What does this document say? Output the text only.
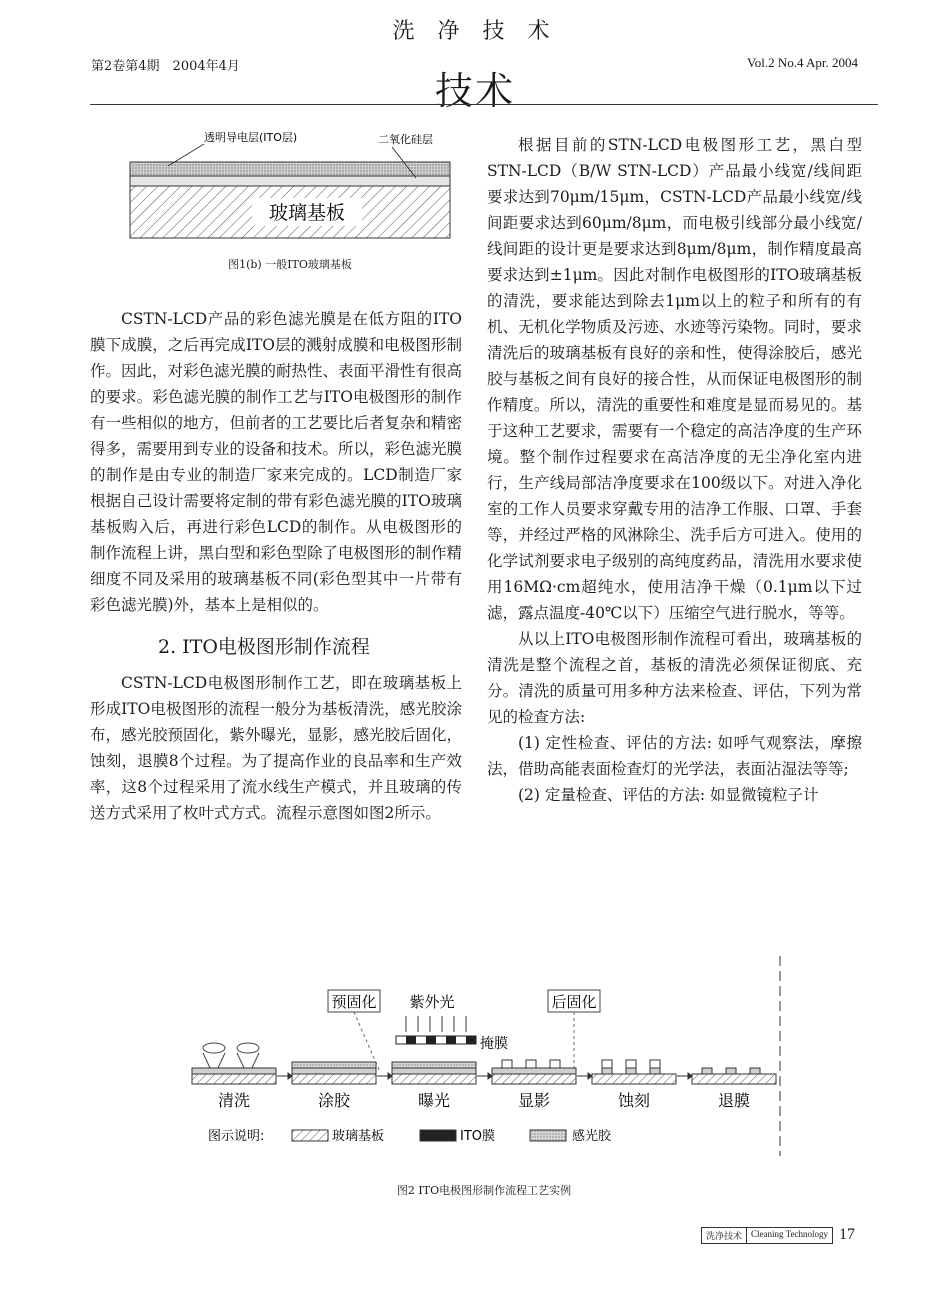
洗 净 技 术
第2卷第4期　2004年4月	Vol.2 No.4 Apr. 2004
技术
玻璃基板
透明导电层(ITO层)	二氧化硅层
图1(b) 一般ITO玻璃基板

CSTN-LCD产品的彩色滤光膜是在低方阻的ITO膜下成膜，之后再完成ITO层的溅射成膜和电极图形制作。因此，对彩色滤光膜的耐热性、表面平滑性有很高的要求。彩色滤光膜的制作工艺与ITO电极图形的制作有一些相似的地方，但前者的工艺要比后者复杂和精密得多，需要用到专业的设备和技术。所以，彩色滤光膜的制作是由专业的制造厂家来完成的。LCD制造厂家根据自己设计需要将定制的带有彩色滤光膜的ITO玻璃基板购入后，再进行彩色LCD的制作。从电极图形的制作流程上讲，黑白型和彩色型除了电极图形的制作精细度不同及采用的玻璃基板不同(彩色型其中一片带有彩色滤光膜)外，基本上是相似的。

2. ITO电极图形制作流程

CSTN-LCD电极图形制作工艺，即在玻璃基板上形成ITO电极图形的流程一般分为基板清洗，感光胶涂布，感光胶预固化，紫外曝光，显影，感光胶后固化，蚀刻，退膜8个过程。为了提高作业的良品率和生产效率，这8个过程采用了流水线生产模式，并且玻璃的传送方式采用了枚叶式方式。流程示意图如图2所示。

根据目前的STN-LCD电极图形工艺，黑白型STN-LCD（B/W STN-LCD）产品最小线宽/线间距要求达到70μm/15μm，CSTN-LCD产品最小线宽/线间距要求达到60μm/8μm，而电极引线部分最小线宽/线间距的设计更是要求达到8μm/8μm，制作精度最高要求达到±1μm。因此对制作电极图形的ITO玻璃基板的清洗，要求能达到除去1μm以上的粒子和所有的有机、无机化学物质及污迹、水迹等污染物。同时，要求清洗后的玻璃基板有良好的亲和性，使得涂胶后，感光胶与基板之间有良好的接合性，从而保证电极图形的制作精度。所以，清洗的重要性和难度是显而易见的。基于这种工艺要求，需要有一个稳定的高洁净度的生产环境。整个制作过程要求在高洁净度的无尘净化室内进行，生产线局部洁净度要求在100级以下。对进入净化室的工作人员要求穿戴专用的洁净工作服、口罩、手套等，并经过严格的风淋除尘、洗手后方可进入。使用的化学试剂要求电子级别的高纯度药品，清洗用水要求使用16MΩ·cm超纯水，使用洁净干燥（0.1μm以下过滤，露点温度-40℃以下）压缩空气进行脱水，等等。

从以上ITO电极图形制作流程可看出，玻璃基板的清洗是整个流程之首，基板的清洗必须保证彻底、充分。清洗的质量可用多种方法来检查、评估，下列为常见的检查方法:

(1) 定性检查、评估的方法: 如呼气观察法，摩擦法，借助高能表面检查灯的光学法，表面沾湿法等等;

(2) 定量检查、评估的方法: 如显微镜粒子计

预固化 紫外光	后固化
掩膜
清洗	涂胶	曝光	显影	蚀刻	退膜
图示说明:	玻璃基板	ITO膜	感光胶
图2 ITO电极图形制作流程工艺实例
洗净技术	Cleaning Technology 17
